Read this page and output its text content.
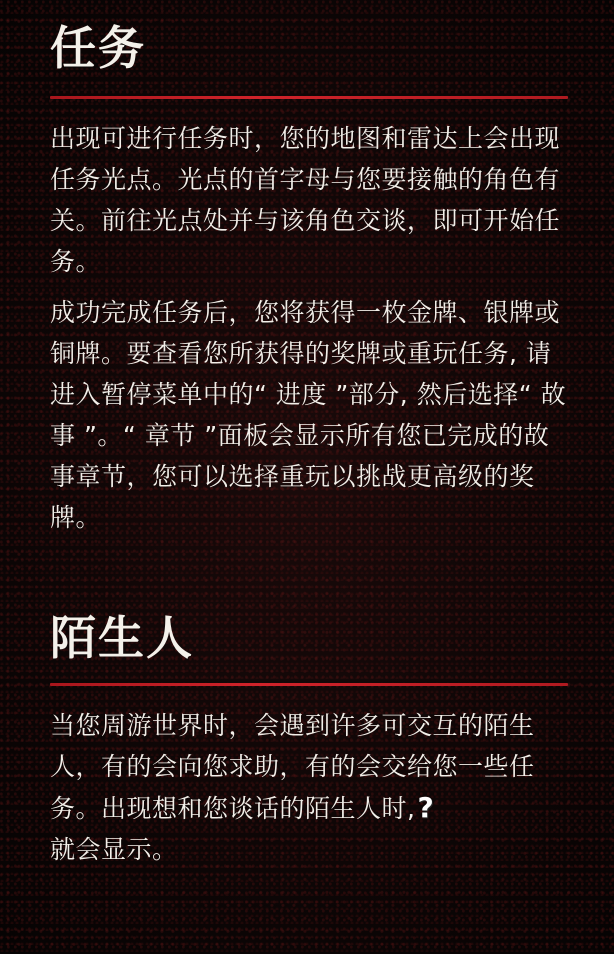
任务

出现可进行任务时，您的地图和雷达上会出现任务光点。光点的首字母与您要接触的角色有关。前往光点处并与该角色交谈，即可开始任务。

成功完成任务后，您将获得一枚金牌、银牌或铜牌。要查看您所获得的奖牌或重玩任务, 请进入暂停菜单中的“ 进度 ”部分, 然后选择“ 故事 ”。“ 章节 ”面板会显示所有您已完成的故事章节，您可以选择重玩以挑战更高级的奖牌。

陌生人

当您周游世界时，会遇到许多可交互的陌生人，有的会向您求助，有的会交给您一些任务。出现想和您谈话的陌生人时,?
就会显示。
